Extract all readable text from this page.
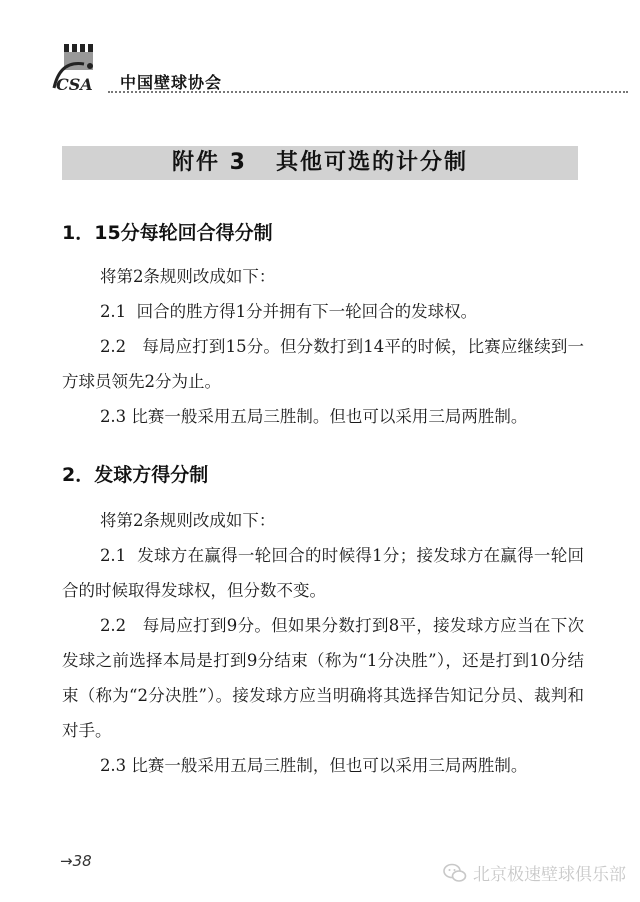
CSA 中国壁球协会
附件 3   其他可选的计分制
1．15分每轮回合得分制
将第2条规则改成如下：
2.1  回合的胜方得1分并拥有下一轮回合的发球权。
2.2   每局应打到15分。但分数打到14平的时候，比赛应继续到一方球员领先2分为止。
2.3 比赛一般采用五局三胜制。但也可以采用三局两胜制。
2．发球方得分制
将第2条规则改成如下：
2.1  发球方在赢得一轮回合的时候得1分；接发球方在赢得一轮回合的时候取得发球权，但分数不变。
2.2   每局应打到9分。但如果分数打到8平，接发球方应当在下次发球之前选择本局是打到9分结束（称为“1分决胜”），还是打到10分结束（称为“2分决胜”）。接发球方应当明确将其选择告知记分员、裁判和对手。
2.3 比赛一般采用五局三胜制，但也可以采用三局两胜制。
→38
北京极速壁球俱乐部
